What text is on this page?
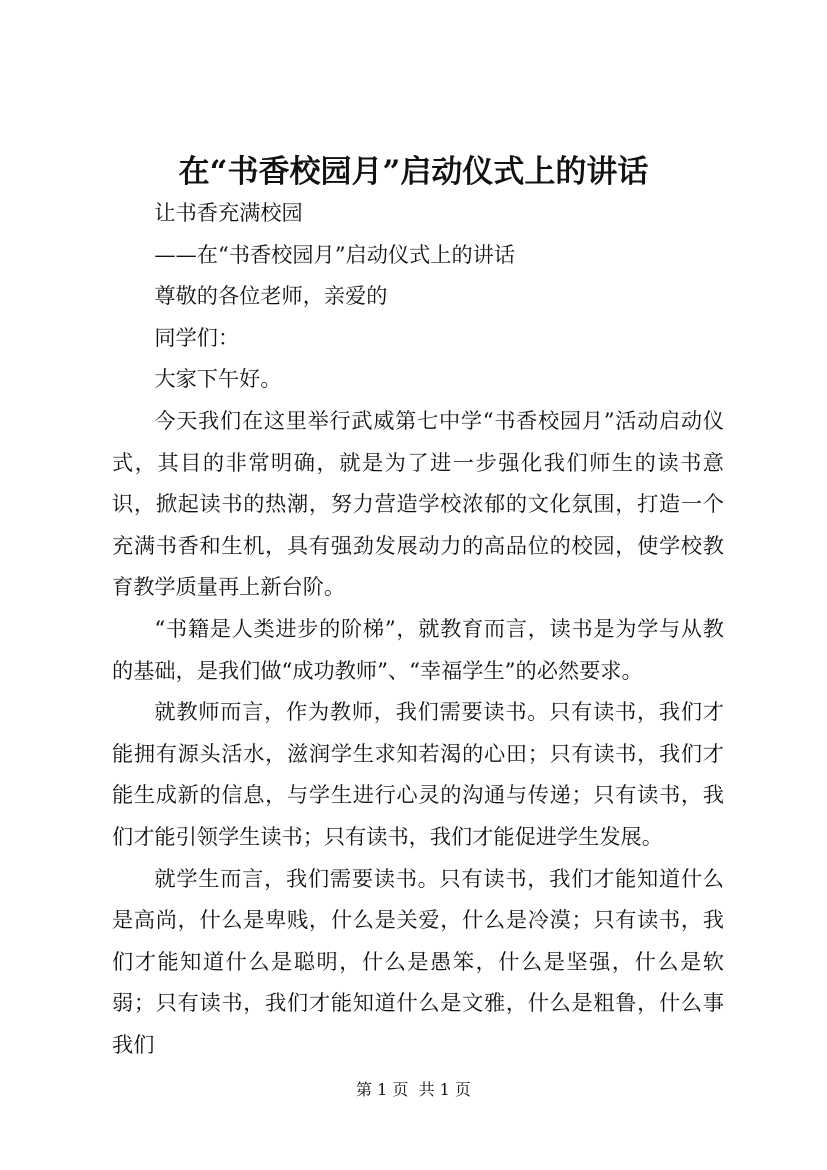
在“书香校园月”启动仪式上的讲话

让书香充满校园

——在“书香校园月”启动仪式上的讲话

尊敬的各位老师，亲爱的

同学们：

大家下午好。

今天我们在这里举行武威第七中学“书香校园月”活动启动仪式，其目的非常明确，就是为了进一步强化我们师生的读书意识，掀起读书的热潮，努力营造学校浓郁的文化氛围，打造一个充满书香和生机，具有强劲发展动力的高品位的校园，使学校教育教学质量再上新台阶。

“书籍是人类进步的阶梯”，就教育而言，读书是为学与从教的基础，是我们做“成功教师”、“幸福学生”的必然要求。

就教师而言，作为教师，我们需要读书。只有读书，我们才能拥有源头活水，滋润学生求知若渴的心田；只有读书，我们才能生成新的信息，与学生进行心灵的沟通与传递；只有读书，我们才能引领学生读书；只有读书，我们才能促进学生发展。

就学生而言，我们需要读书。只有读书，我们才能知道什么是高尚，什么是卑贱，什么是关爱，什么是冷漠；只有读书，我们才能知道什么是聪明，什么是愚笨，什么是坚强，什么是软弱；只有读书，我们才能知道什么是文雅，什么是粗鲁，什么事我们

第 1 页  共 1 页
